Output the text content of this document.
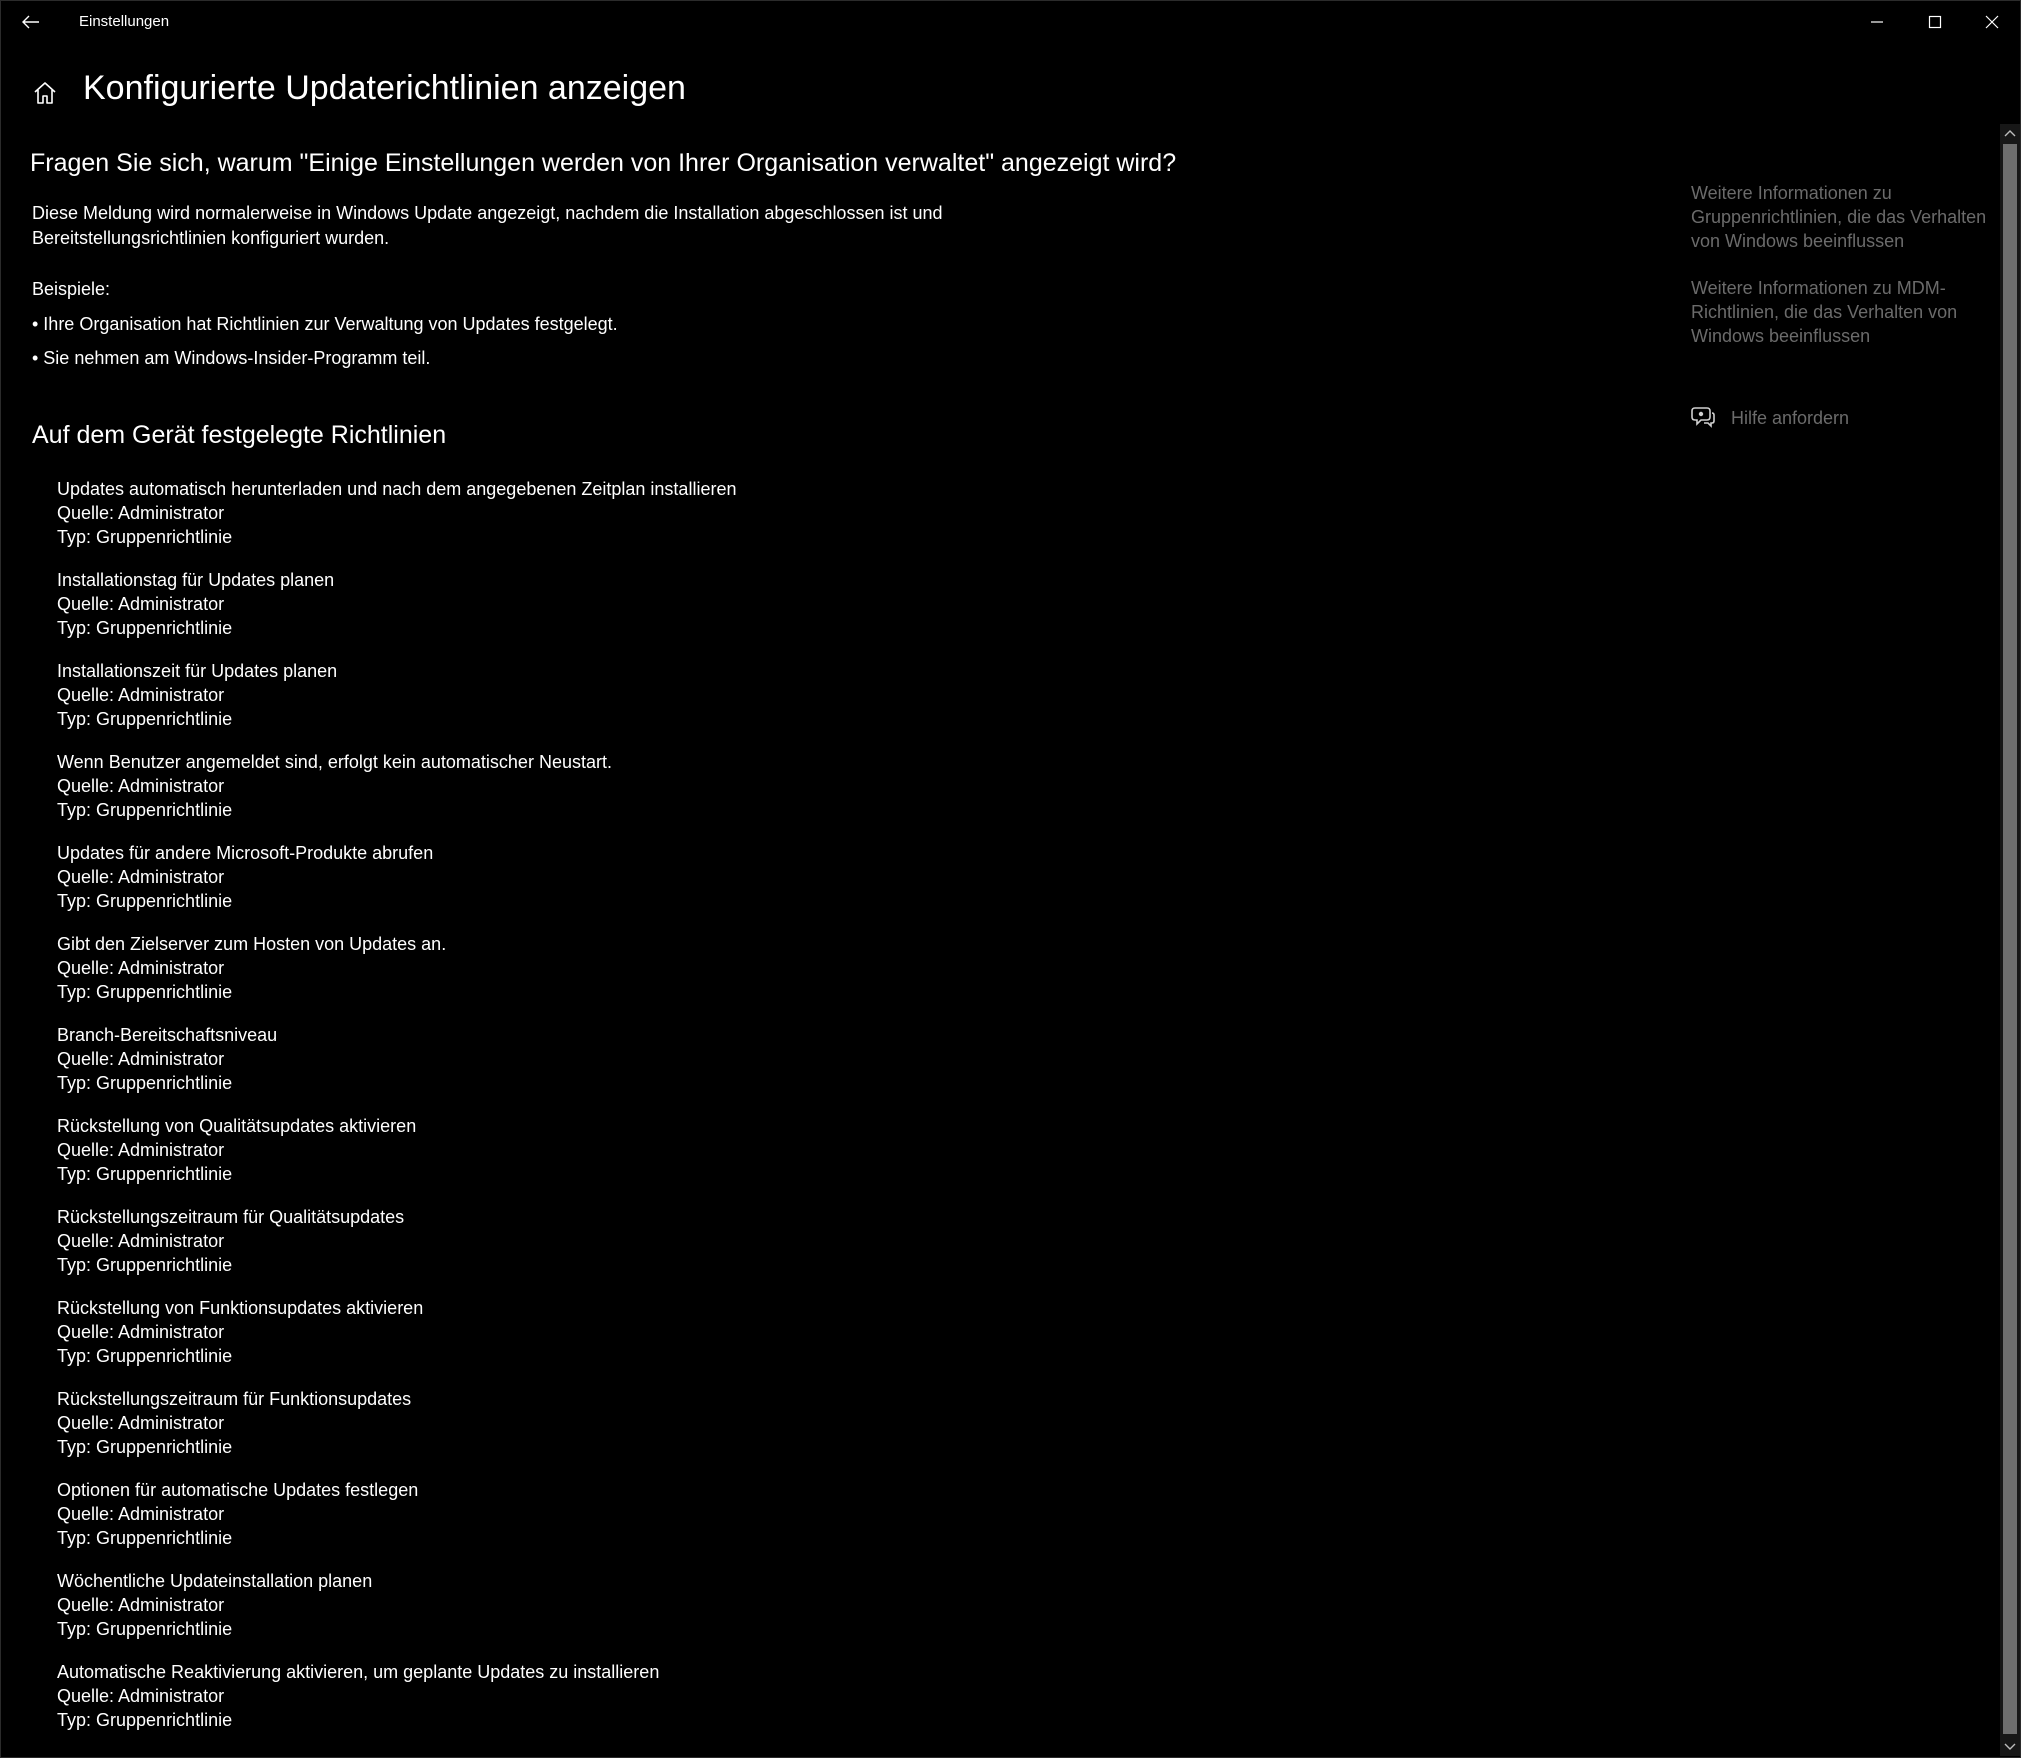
Einstellungen
Konfigurierte Updaterichtlinien anzeigen
Fragen Sie sich, warum "Einige Einstellungen werden von Ihrer Organisation verwaltet" angezeigt wird?

Diese Meldung wird normalerweise in Windows Update angezeigt, nachdem die Installation abgeschlossen ist und Bereitstellungsrichtlinien konfiguriert wurden.

Beispiele:
• Ihre Organisation hat Richtlinien zur Verwaltung von Updates festgelegt.
• Sie nehmen am Windows-Insider-Programm teil.
Auf dem Gerät festgelegte Richtlinien
Updates automatisch herunterladen und nach dem angegebenen Zeitplan installieren
Quelle: Administrator
Typ: Gruppenrichtlinie
Installationstag für Updates planen
Quelle: Administrator
Typ: Gruppenrichtlinie
Installationszeit für Updates planen
Quelle: Administrator
Typ: Gruppenrichtlinie
Wenn Benutzer angemeldet sind, erfolgt kein automatischer Neustart.
Quelle: Administrator
Typ: Gruppenrichtlinie
Updates für andere Microsoft-Produkte abrufen
Quelle: Administrator
Typ: Gruppenrichtlinie
Gibt den Zielserver zum Hosten von Updates an.
Quelle: Administrator
Typ: Gruppenrichtlinie
Branch-Bereitschaftsniveau
Quelle: Administrator
Typ: Gruppenrichtlinie
Rückstellung von Qualitätsupdates aktivieren
Quelle: Administrator
Typ: Gruppenrichtlinie
Rückstellungszeitraum für Qualitätsupdates
Quelle: Administrator
Typ: Gruppenrichtlinie
Rückstellung von Funktionsupdates aktivieren
Quelle: Administrator
Typ: Gruppenrichtlinie
Rückstellungszeitraum für Funktionsupdates
Quelle: Administrator
Typ: Gruppenrichtlinie
Optionen für automatische Updates festlegen
Quelle: Administrator
Typ: Gruppenrichtlinie
Wöchentliche Updateinstallation planen
Quelle: Administrator
Typ: Gruppenrichtlinie
Automatische Reaktivierung aktivieren, um geplante Updates zu installieren
Quelle: Administrator
Typ: Gruppenrichtlinie
Weitere Informationen zu Gruppenrichtlinien, die das Verhalten von Windows beeinflussen
Weitere Informationen zu MDM-Richtlinien, die das Verhalten von Windows beeinflussen
Hilfe anfordern
